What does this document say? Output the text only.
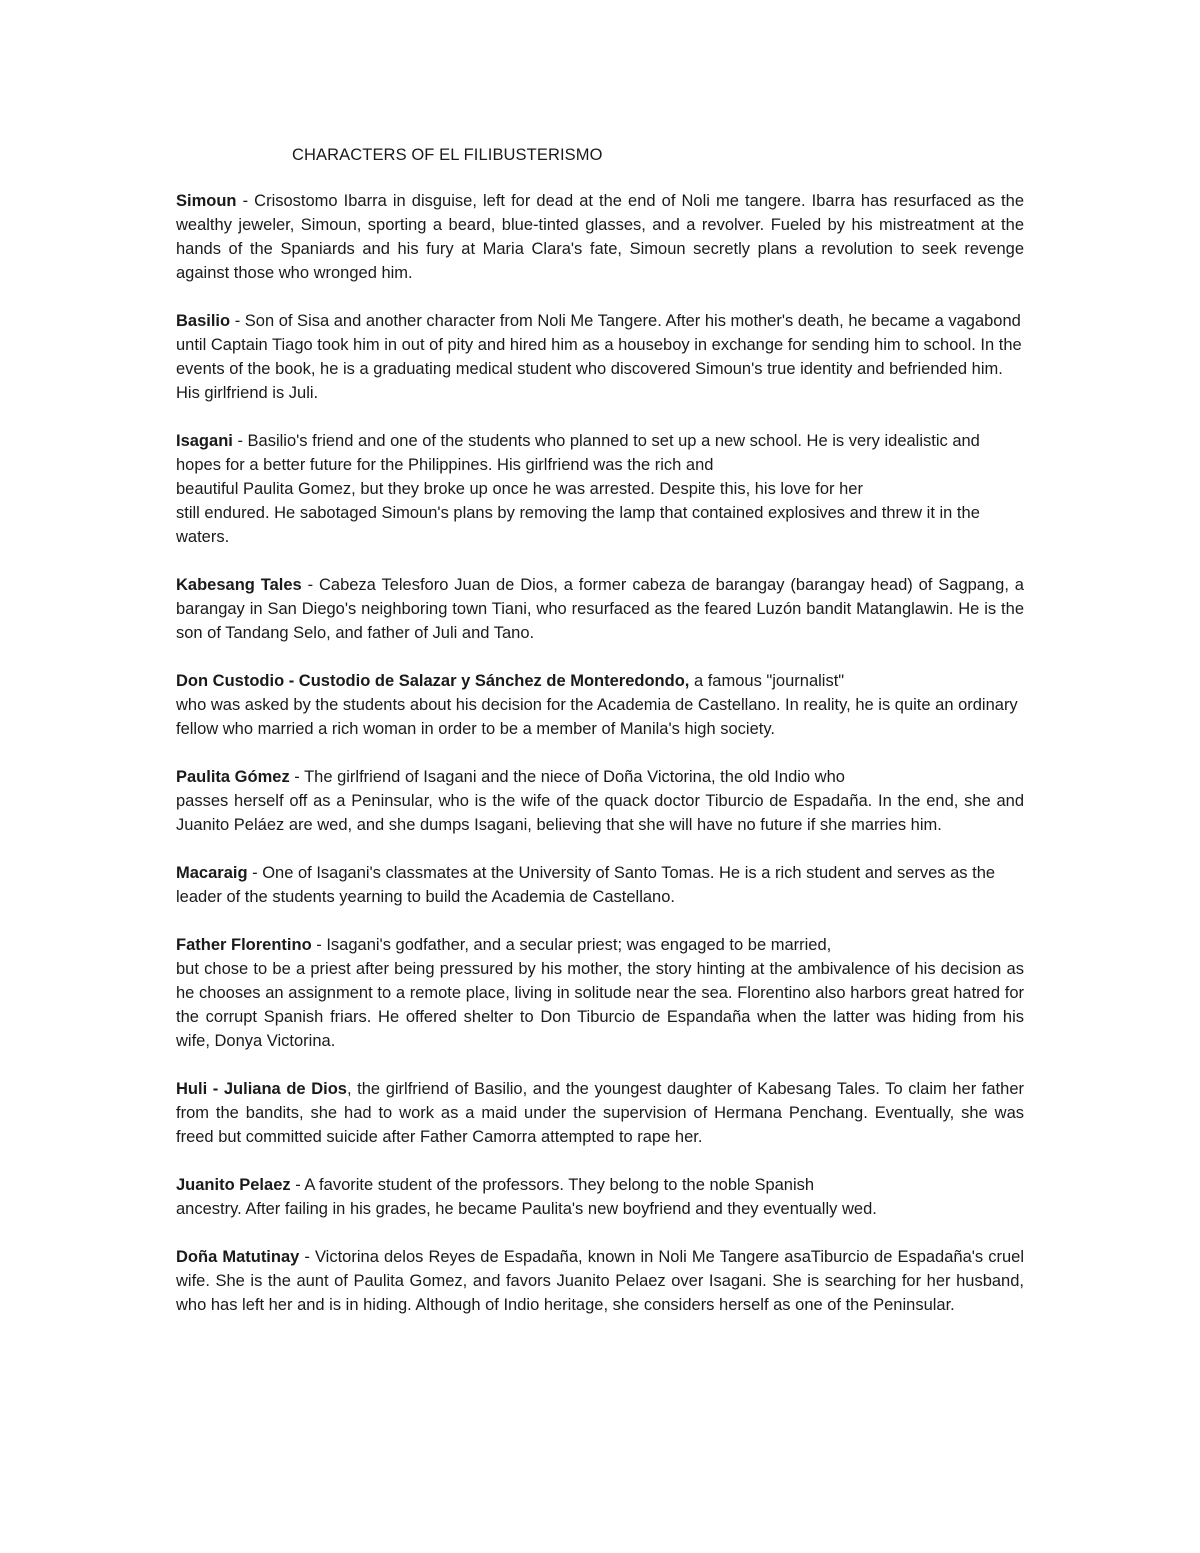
CHARACTERS OF EL FILIBUSTERISMO

Simoun - Crisostomo Ibarra in disguise, left for dead at the end of Noli me tangere. Ibarra has resurfaced as the wealthy jeweler, Simoun, sporting a beard, blue-tinted glasses, and a revolver. Fueled by his mistreatment at the hands of the Spaniards and his fury at Maria Clara's fate, Simoun secretly plans a revolution to seek revenge against those who wronged him.

Basilio - Son of Sisa and another character from Noli Me Tangere. After his mother's death, he became a vagabond until Captain Tiago took him in out of pity and hired him as a houseboy in exchange for sending him to school. In the events of the book, he is a graduating medical student who discovered Simoun's true identity and befriended him. His girlfriend is Juli.

Isagani - Basilio's friend and one of the students who planned to set up a new school. He is very idealistic and hopes for a better future for the Philippines. His girlfriend was the rich and
beautiful Paulita Gomez, but they broke up once he was arrested. Despite this, his love for her
still endured. He sabotaged Simoun's plans by removing the lamp that contained explosives and threw it in the waters.

Kabesang Tales - Cabeza Telesforo Juan de Dios, a former cabeza de barangay (barangay head) of Sagpang, a barangay in San Diego's neighboring town Tiani, who resurfaced as the feared Luzón bandit Matanglawin. He is the son of Tandang Selo, and father of Juli and Tano.

Don Custodio - Custodio de Salazar y Sánchez de Monteredondo, a famous "journalist"
who was asked by the students about his decision for the Academia de Castellano. In reality, he is quite an ordinary fellow who married a rich woman in order to be a member of Manila's high society.

Paulita Gómez - The girlfriend of Isagani and the niece of Doña Victorina, the old Indio who
passes herself off as a Peninsular, who is the wife of the quack doctor Tiburcio de Espadaña. In the end, she and Juanito Peláez are wed, and she dumps Isagani, believing that she will have no future if she marries him.

Macaraig - One of Isagani's classmates at the University of Santo Tomas. He is a rich student and serves as the leader of the students yearning to build the Academia de Castellano.

Father Florentino - Isagani's godfather, and a secular priest; was engaged to be married,
but chose to be a priest after being pressured by his mother, the story hinting at the ambivalence of his decision as he chooses an assignment to a remote place, living in solitude near the sea. Florentino also harbors great hatred for the corrupt Spanish friars. He offered shelter to Don Tiburcio de Espandaña when the latter was hiding from his wife, Donya Victorina.

Huli - Juliana de Dios, the girlfriend of Basilio, and the youngest daughter of Kabesang Tales. To claim her father from the bandits, she had to work as a maid under the supervision of Hermana Penchang. Eventually, she was freed but committed suicide after Father Camorra attempted to rape her.

Juanito Pelaez - A favorite student of the professors. They belong to the noble Spanish
ancestry. After failing in his grades, he became Paulita's new boyfriend and they eventually wed.

Doña Matutinay - Victorina delos Reyes de Espadaña, known in Noli Me Tangere asaTiburcio de Espadaña's cruel wife. She is the aunt of Paulita Gomez, and favors Juanito Pelaez over Isagani. She is searching for her husband, who has left her and is in hiding. Although of Indio heritage, she considers herself as one of the Peninsular.
